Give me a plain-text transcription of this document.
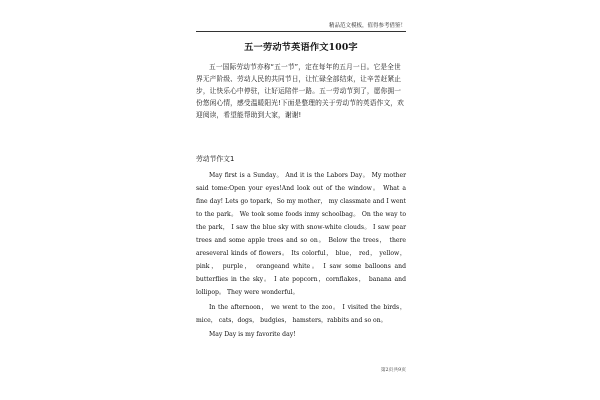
精品范文模板，值得参考借鉴！
五一劳动节英语作文100字
五一国际劳动节亦称“五一节”，定在每年的五月一日。它是全世界无产阶级、劳动人民的共同节日，让忙碌全部结束，让辛苦赶紧止步，让快乐心中停驻，让好运陪伴一路。五一劳动节到了，愿你拥一份悠闲心情，感受温暖阳光!下面是整理的关于劳动节的英语作文，欢迎阅读，希望能帮助到大家，谢谢!
劳动节作文1

May first is a Sunday。 And it is the Labors Day。 My mother said tome:Open your eyes!And look out of the window。 What a fine day! Lets go topark，So my mother， my classmate and I went to the park。 We took some foods inmy schoolbag。 On the way to the park， I saw the blue sky with snow-white clouds。 I saw pear trees and some apple trees and so on。 Below the trees， there areseveral kinds of flowers。 Its colorful， blue， red， yellow， pink， purple， orangeand white。 I saw some balloons and butterflies in the sky。 I ate popcorn，cornflakes， banana and lollipop。 They were wonderful。

In the afternoon， we went to the zoo。 I visited the birds，mice， cats，dogs， budgies， hamsters，rabbits and so on。

May Day is my favorite day!

第2页共9页
